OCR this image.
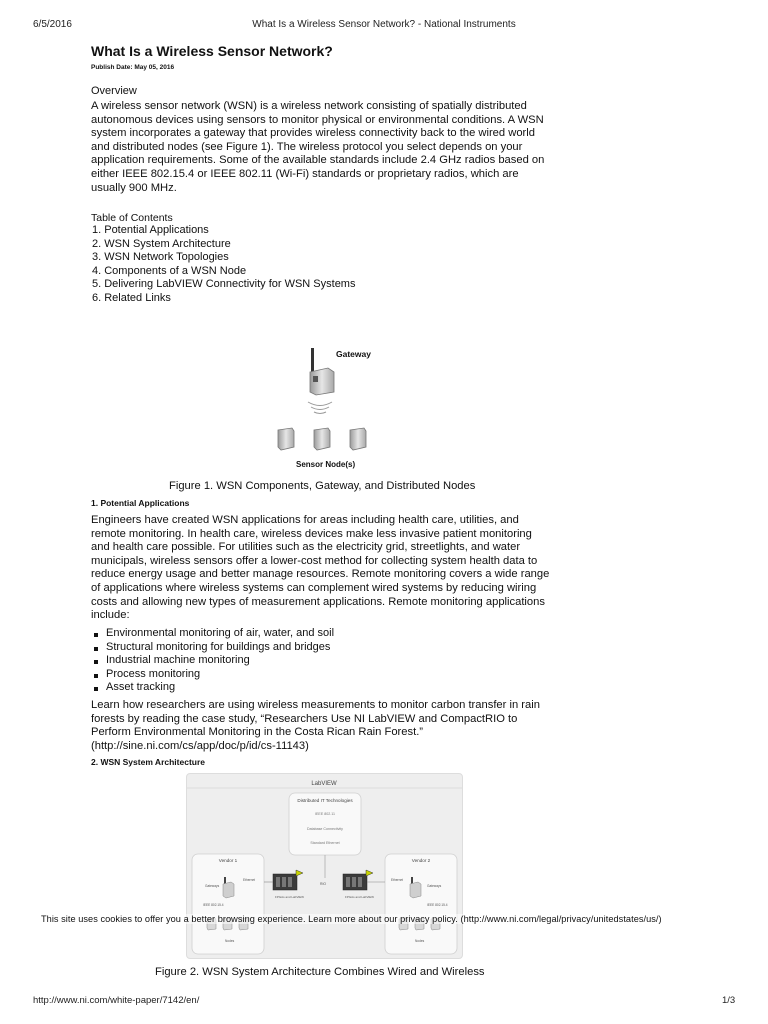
6/5/2016	What Is a Wireless Sensor Network? - National Instruments
What Is a Wireless Sensor Network?
Publish Date: May 05, 2016
Overview
A wireless sensor network (WSN) is a wireless network consisting of spatially distributed
autonomous devices using sensors to monitor physical or environmental conditions. A WSN
system incorporates a gateway that provides wireless connectivity back to the wired world
and distributed nodes (see Figure 1). The wireless protocol you select depends on your
application requirements. Some of the available standards include 2.4 GHz radios based on
either IEEE 802.15.4 or IEEE 802.11 (Wi-Fi) standards or proprietary radios, which are
usually 900 MHz.
Table of Contents
1. Potential Applications
2. WSN System Architecture
3. WSN Network Topologies
4. Components of a WSN Node
5. Delivering LabVIEW Connectivity for WSN Systems
6. Related Links
Gateway
Sensor Node(s)
Figure 1. WSN Components, Gateway, and Distributed Nodes
1. Potential Applications
Engineers have created WSN applications for areas including health care, utilities, and
remote monitoring. In health care, wireless devices make less invasive patient monitoring
and health care possible. For utilities such as the electricity grid, streetlights, and water
municipals, wireless sensors offer a lower-cost method for collecting system health data to
reduce energy usage and better manage resources. Remote monitoring covers a wide range
of applications where wireless systems can complement wired systems by reducing wiring
costs and allowing new types of measurement applications. Remote monitoring applications
include:
Environmental monitoring of air, water, and soil
Structural monitoring for buildings and bridges
Industrial machine monitoring
Process monitoring
Asset tracking
Learn how researchers are using wireless measurements to monitor carbon transfer in rain
forests by reading the case study, “Researchers Use NI LabVIEW and CompactRIO to
Perform Environmental Monitoring in the Costa Rican Rain Forest.”
(http://sine.ni.com/cs/app/doc/p/id/cs-11143)
2. WSN System Architecture
LabVIEW
Distributed IT Technologies
IEEE 802.11
Database Connectivity
Standard Ethernet
Vendor 1
Gateways
Ethernet
IEEE 802.15.4
Nodes
Vendor 2
Gateways
Ethernet
IEEE 802.15.4
Nodes
FPGAs and LabVIEW	FPGAs and LabVIEW
RIO
This site uses cookies to offer you a better browsing experience. Learn more about our privacy policy. (http://www.ni.com/legal/privacy/unitedstates/us/)
Figure 2. WSN System Architecture Combines Wired and Wireless
http://www.ni.com/white-paper/7142/en/	1/3
